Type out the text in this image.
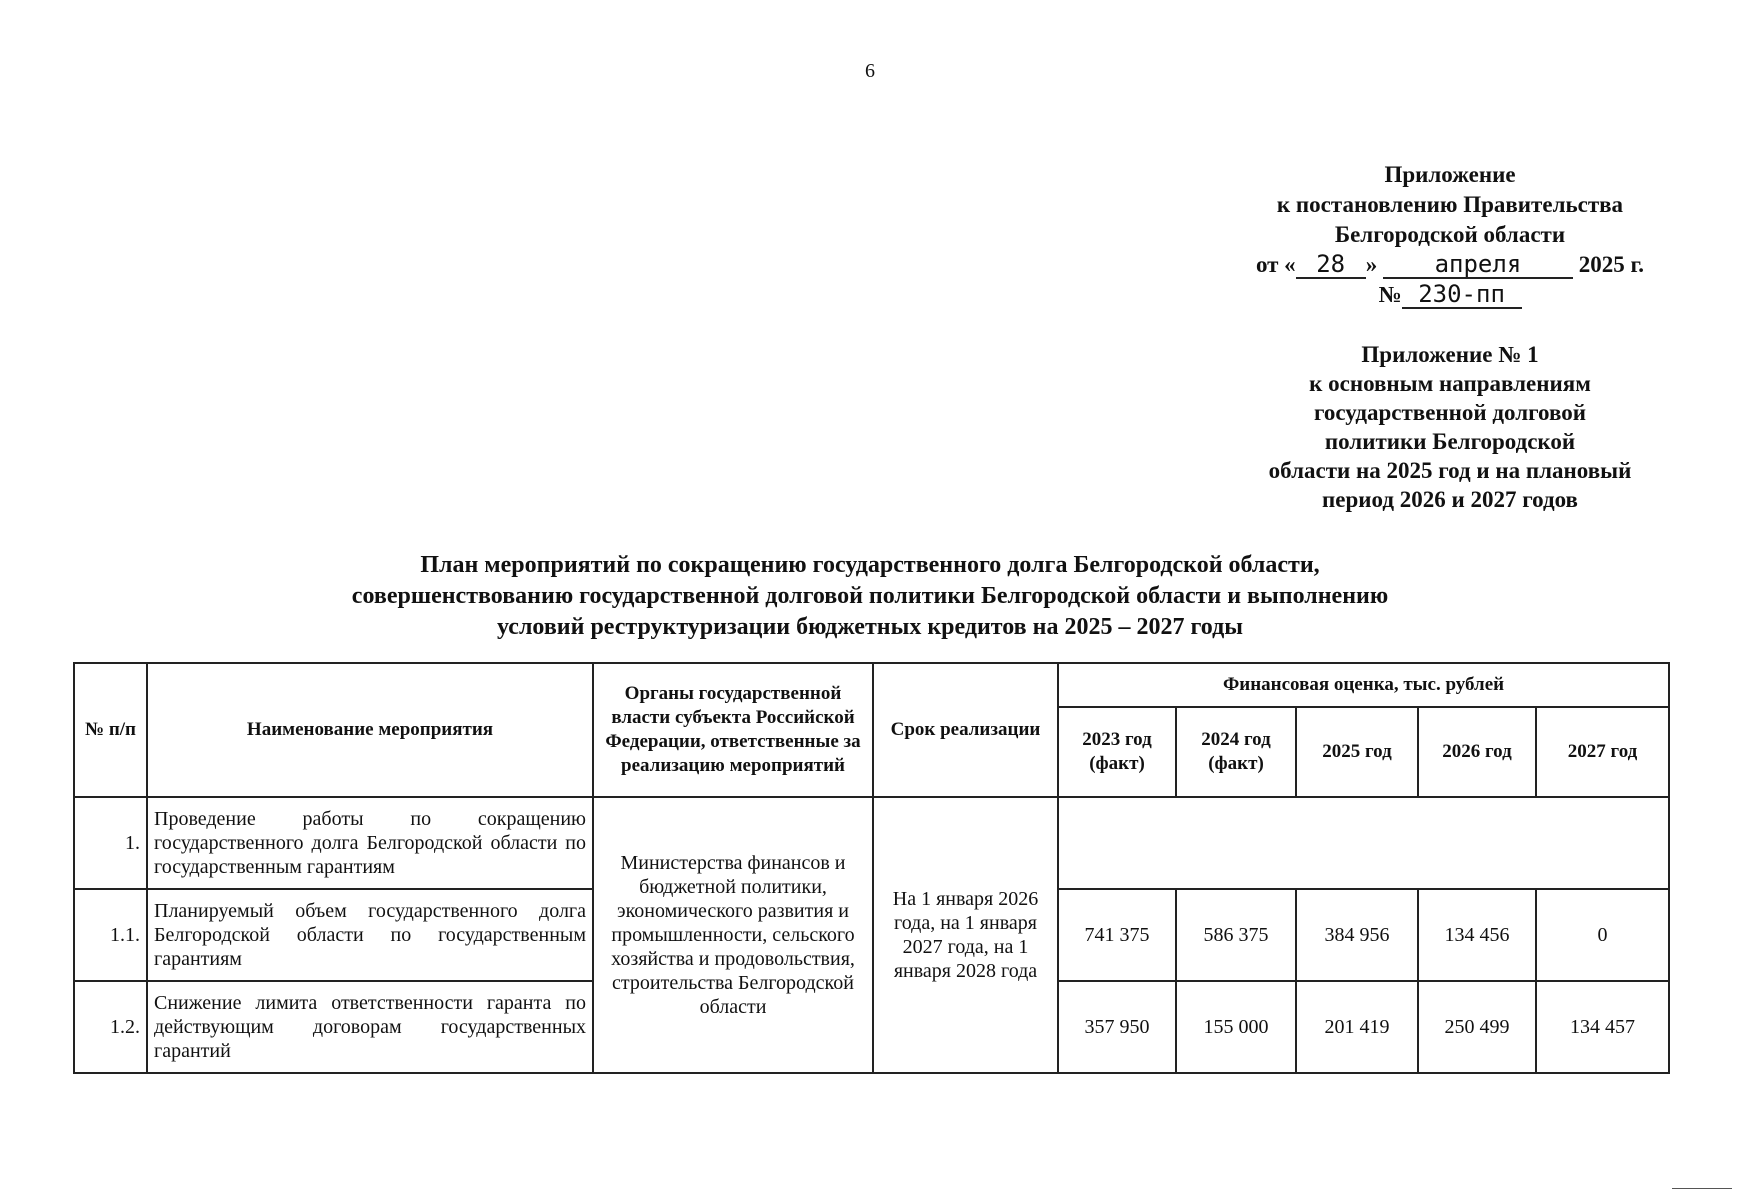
6
Приложение
к постановлению Правительства
Белгородской области
от « 28 » апреля 2025 г.
№ 230-пп
Приложение № 1
к основным направлениям
государственной долговой
политики Белгородской
области на 2025 год и на плановый
период 2026 и 2027 годов
План мероприятий по сокращению государственного долга Белгородской области,
совершенствованию государственной долговой политики Белгородской области и выполнению
условий реструктуризации бюджетных кредитов на 2025 – 2027 годы
№ п/п	Наименование мероприятия	Органы государственной власти субъекта Российской Федерации, ответственные за реализацию мероприятий	Срок реализации	Финансовая оценка, тыс. рублей				
				2023 год (факт)	2024 год (факт)	2025 год	2026 год	2027 год
1.	Проведение работы по сокращению государственного долга Белгородской области по государственным гарантиям	Министерства финансов и бюджетной политики, экономического развития и промышленности, сельского хозяйства и продовольствия, строительства Белгородской области	На 1 января 2026 года, на 1 января 2027 года, на 1 января 2028 года					
1.1.	Планируемый объем государственного долга Белгородской области по государственным гарантиям			741 375	586 375	384 956	134 456	0
1.2.	Снижение лимита ответственности гаранта по действующим договорам государственных гарантий			357 950	155 000	201 419	250 499	134 457
